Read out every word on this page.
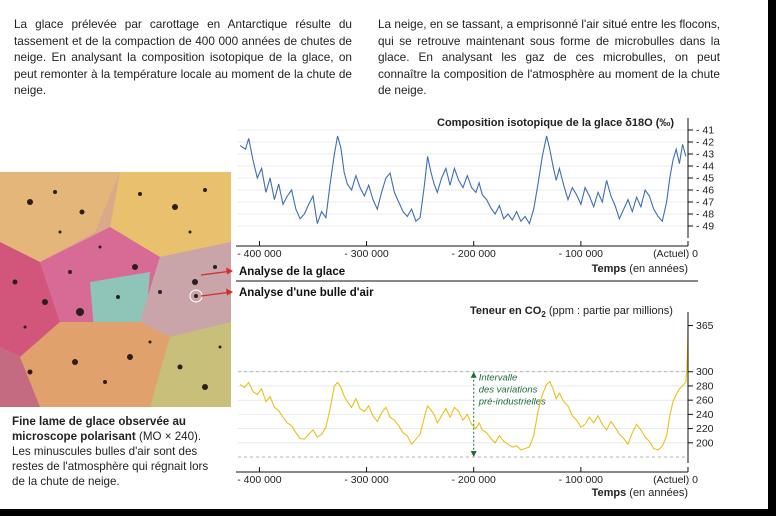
La glace prélevée par carottage en Antarctique résulte du tassement et de la compaction de 400 000 années de chutes de neige. En analysant la composition isotopique de la glace, on peut remonter à la température locale au moment de la chute de neige.
La neige, en se tassant, a emprisonné l'air situé entre les flocons, qui se retrouve maintenant sous forme de microbulles dans la glace. En analysant les gaz de ces microbulles, on peut connaître la composition de l'atmosphère au moment de la chute de neige.
Fine lame de glace observée au microscope polarisant (MO × 240). Les minuscules bulles d'air sont des restes de l'atmosphère qui régnait lors de la chute de neige.
Composition isotopique de la glace δ18O (‰)
- 41
- 42
- 43
- 44
- 45
- 46
- 47
- 48
- 49
- 400 000	- 300 000	- 200 000	- 100 000	(Actuel) 0
Temps (en années)
Analyse de la glace
Analyse d'une bulle d'air
Teneur en $CO_2$ (ppm : partie par millions)
Intervalle
des variations
pré-industrielles
200
220
240
260
280
300
365
- 400 000	- 300 000	- 200 000	- 100 000	(Actuel) 0
Temps (en années)
